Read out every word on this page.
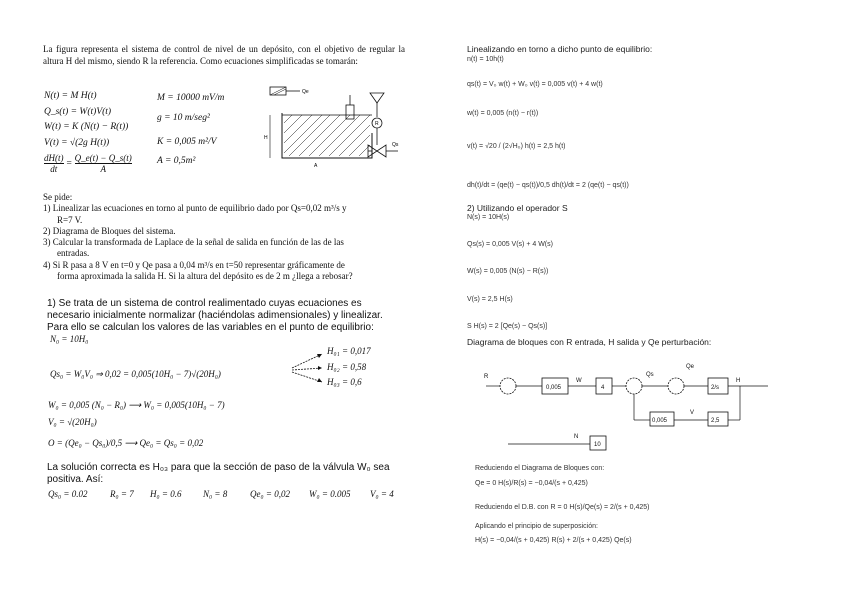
La figura representa el sistema de control de nivel de un depósito, con el objetivo de regular la altura H del mismo, siendo R la referencia. Como ecuaciones simplificadas se tomarán:
N(t) = M H(t)
Q_s(t) = W(t)V(t)
W(t) = K (N(t) − R(t))
V(t) = √(2g H(t))
$\frac{dH(t)}{dt} = \frac{Q\_e(t) - Q\_s(t)}{A}$
M = 10000 mV/m
g = 10 m/seg²
K = 0,005 m²/V
A = 0,5m²
Qe
H
A
R
Qs
Se pide:
1) Linealizar las ecuaciones en torno al punto de equilibrio dado por Qs=0,02 m³/s y
R=7 V.
2) Diagrama de Bloques del sistema.
3) Calcular la transformada de Laplace de la señal de salida en función de las de las
entradas.
4) Si R pasa a 8 V en t=0 y Qe pasa a 0,04 m³/s en t=50 representar gráficamente de
forma aproximada la salida H. Si la altura del depósito es de 2 m ¿llega a rebosar?
1) Se trata de un sistema de control realimentado cuyas ecuaciones es necesario inicialmente normalizar (haciéndolas adimensionales) y linealizar. Para ello se calculan los valores de las variables en el punto de equilibrio:
N₀ = 10H₀
Qs₀ = W₀V₀ ⇒ 0,02 = 0,005(10H₀ − 7)√(20H₀)
H₀₁ = 0,017
H₀₂ = 0,58
H₀₃ = 0,6
W₀ = 0,005 (N₀ − R₀) ⟶ W₀ = 0,005(10H₀ − 7)
V₀ = √(20H₀)
O = (Qe₀ − Qs₀)/0,5 ⟶ Qe₀ = Qs₀ = 0,02
La solución correcta es H₀₃ para que la sección de paso de la válvula W₀ sea positiva. Así:
Qs₀ = 0.02	R₀ = 7 H₀ = 0.6 N₀ = 8	Qe₀ = 0,02 W₀ = 0.005 V₀ = 4
Linealizando en torno a dicho punto de equilibrio:
n(t) = 10h(t)
qs(t) = V₀ w(t) + W₀ v(t) = 0,005 v(t) + 4 w(t)
w(t) = 0,005 (n(t) − r(t))
v(t) = √20 / (2√H₀) h(t) = 2,5 h(t)
dh(t)/dt = (qe(t) − qs(t))/0,5 dh(t)/dt = 2 (qe(t) − qs(t))
2) Utilizando el operador S
N(s) = 10H(s)
Qs(s) = 0,005 V(s) + 4 W(s)
W(s) = 0,005 (N(s) − R(s))
V(s) = 2,5 H(s)
S H(s) = 2 [Qe(s) − Qs(s)]
Diagrama de bloques con R entrada, H salida y Qe perturbación:
R
0,005
W
4
Qs
Qe
2/s
H
2,5
V
0,005
N
10
Reduciendo el Diagrama de Bloques con:
Qe = 0 H(s)/R(s) = −0,04/(s + 0,425)
Reduciendo el D.B. con R = 0 H(s)/Qe(s) = 2/(s + 0,425)
Aplicando el principio de superposición:
H(s) = −0,04/(s + 0,425) R(s) + 2/(s + 0,425) Qe(s)
